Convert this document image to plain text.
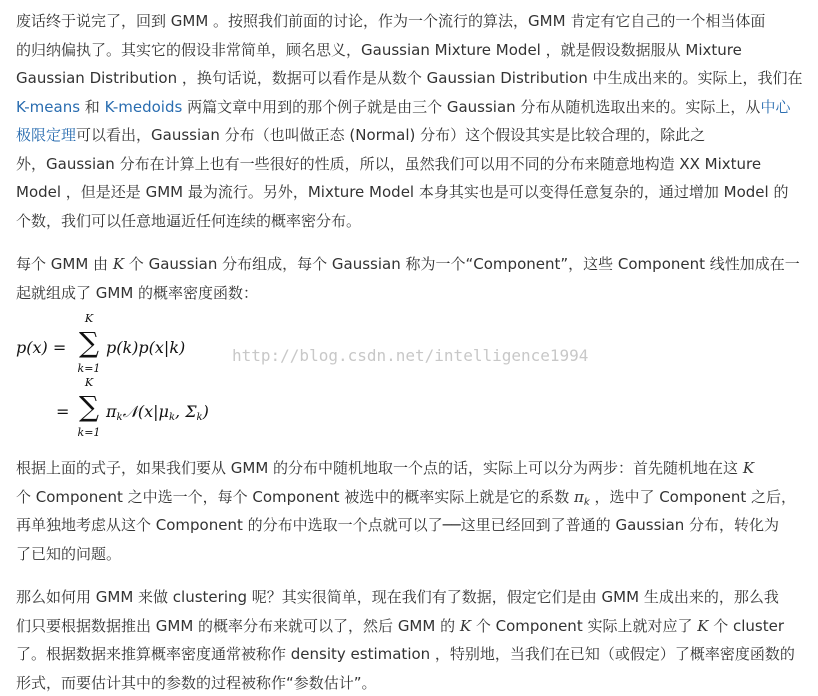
废话终于说完了，回到 GMM 。按照我们前面的讨论，作为一个流行的算法，GMM 肯定有它自己的一个相当体面
的归纳偏执了。其实它的假设非常简单，顾名思义，Gaussian Mixture Model ，就是假设数据服从 Mixture
Gaussian Distribution ，换句话说，数据可以看作是从数个 Gaussian Distribution 中生成出来的。实际上，我们在
K-means 和 K-medoids 两篇文章中用到的那个例子就是由三个 Gaussian 分布从随机选取出来的。实际上，从中心
极限定理可以看出，Gaussian 分布（也叫做正态 (Normal) 分布）这个假设其实是比较合理的，除此之
外，Gaussian 分布在计算上也有一些很好的性质，所以，虽然我们可以用不同的分布来随意地构造 XX Mixture
Model ，但是还是 GMM 最为流行。另外，Mixture Model 本身其实也是可以变得任意复杂的，通过增加 Model 的
个数，我们可以任意地逼近任何连续的概率密分布。
每个 GMM 由 K 个 Gaussian 分布组成，每个 Gaussian 称为一个“Component”，这些 Component 线性加成在一
起就组成了 GMM 的概率密度函数：
p(x) =
K
∑
k=1
p(k)p(x|k)
=
K
∑
k=1
$\pi_k𝒩(x|\mu_k$, $\Sigma_k$)
http://blog.csdn.net/intelligence1994
根据上面的式子，如果我们要从 GMM 的分布中随机地取一个点的话，实际上可以分为两步：首先随机地在这 K
个 Component 之中选一个，每个 Component 被选中的概率实际上就是它的系数 $\pi_k$ ，选中了 Component 之后，
再单独地考虑从这个 Component 的分布中选取一个点就可以了──这里已经回到了普通的 Gaussian 分布，转化为
了已知的问题。
那么如何用 GMM 来做 clustering 呢？其实很简单，现在我们有了数据，假定它们是由 GMM 生成出来的，那么我
们只要根据数据推出 GMM 的概率分布来就可以了，然后 GMM 的 K 个 Component 实际上就对应了 K 个 cluster
了。根据数据来推算概率密度通常被称作 density estimation ，特别地，当我们在已知（或假定）了概率密度函数的
形式，而要估计其中的参数的过程被称作“参数估计”。
